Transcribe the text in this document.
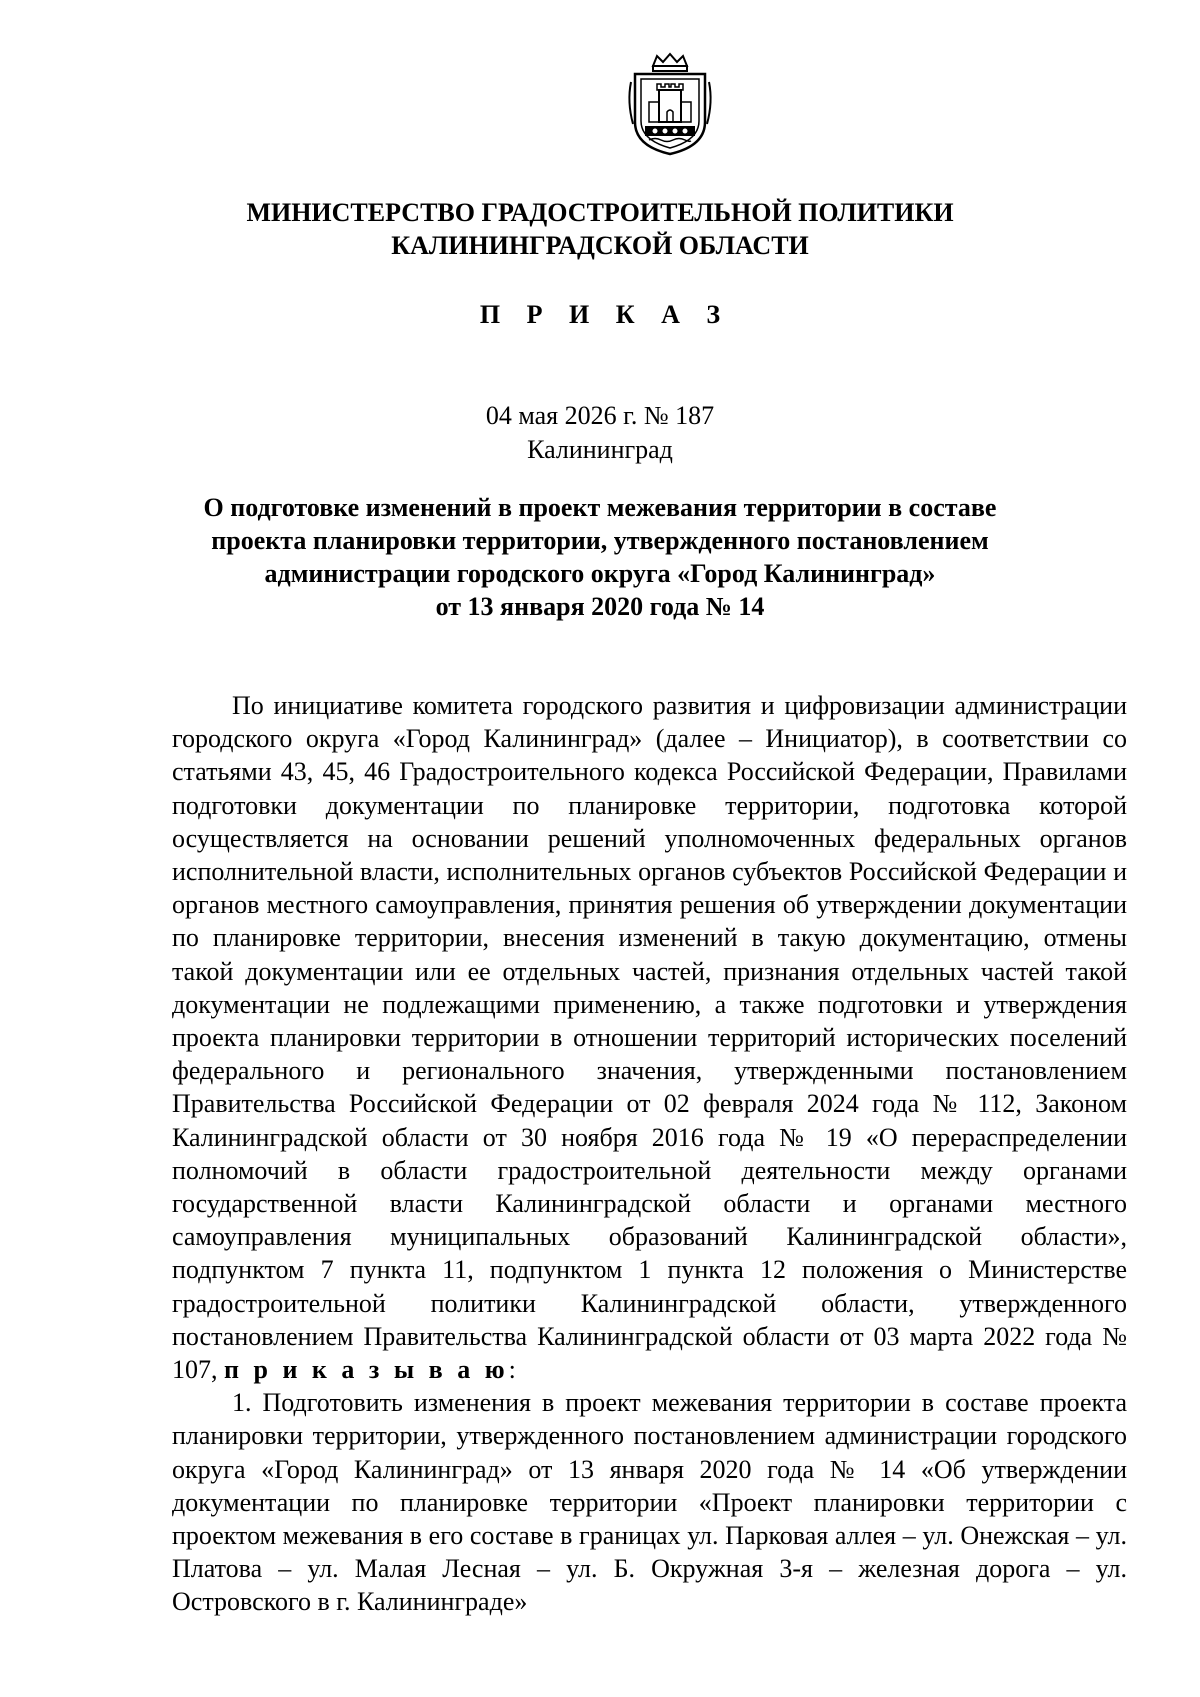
МИНИСТЕРСТВО ГРАДОСТРОИТЕЛЬНОЙ ПОЛИТИКИ
КАЛИНИНГРАДСКОЙ ОБЛАСТИ
П Р И К А З
04 мая 2026 г. № 187
Калининград
О подготовке изменений в проект межевания территории в составе
проекта планировки территории, утвержденного постановлением
администрации городского округа «Город Калининград»
от 13 января 2020 года № 14

По инициативе комитета городского развития и цифровизации администрации городского округа «Город Калининград» (далее – Инициатор), в соответствии со статьями 43, 45, 46 Градостроительного кодекса Российской Федерации, Правилами подготовки документации по планировке территории, подготовка которой осуществляется на основании решений уполномоченных федеральных органов исполнительной власти, исполнительных органов субъектов Российской Федерации и органов местного самоуправления, принятия решения об утверждении документации по планировке территории, внесения изменений в такую документацию, отмены такой документации или ее отдельных частей, признания отдельных частей такой документации не подлежащими применению, а также подготовки и утверждения проекта планировки территории в отношении территорий исторических поселений федерального и регионального значения, утвержденными постановлением Правительства Российской Федерации от 02 февраля 2024 года № 112, Законом Калининградской области от 30 ноября 2016 года № 19 «О перераспределении полномочий в области градостроительной деятельности между органами государственной власти Калининградской области и органами местного самоуправления муниципальных образований Калининградской области», подпунктом 7 пункта 11, подпунктом 1 пункта 12 положения о Министерстве градостроительной политики Калининградской области, утвержденного постановлением Правительства Калининградской области от 03 марта 2022 года № 107, п р и к а з ы в а ю:

1. Подготовить изменения в проект межевания территории в составе проекта планировки территории, утвержденного постановлением администрации городского округа «Город Калининград» от 13 января 2020 года № 14 «Об утверждении документации по планировке территории «Проект планировки территории с проектом межевания в его составе в границах ул. Парковая аллея – ул. Онежская – ул. Платова – ул. Малая Лесная – ул. Б. Окружная 3-я – железная дорога – ул. Островского в г. Калининграде»
